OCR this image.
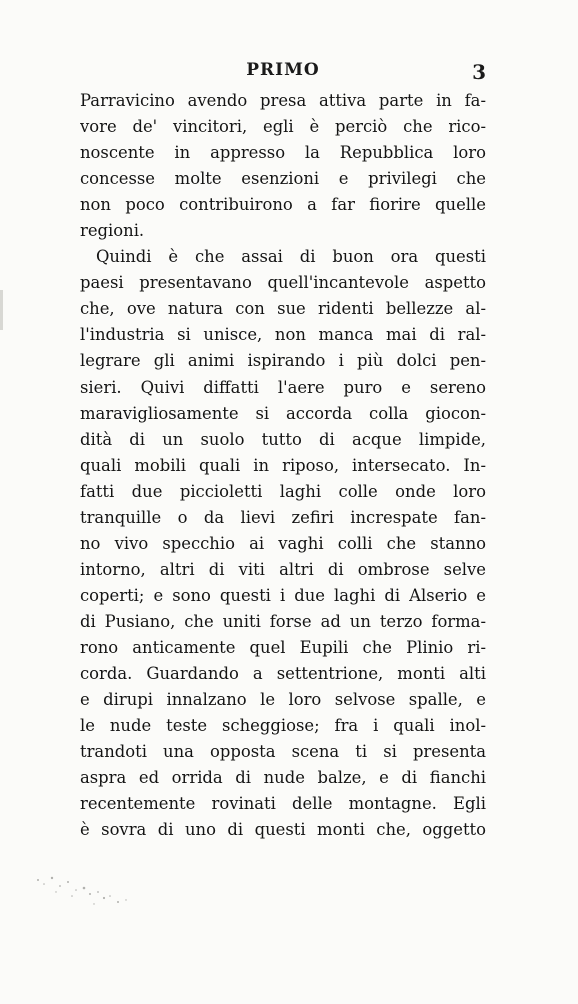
PRIMO	3
Parravicino avendo presa attiva parte in fa-
vore de' vincitori, egli è perciò che rico-
noscente in appresso la Repubblica loro
concesse molte esenzioni e privilegi che
non poco contribuirono a far fiorire quelle
regioni.
Quindi è che assai di buon ora questi
paesi presentavano quell'incantevole aspetto
che, ove natura con sue ridenti bellezze al-
l'industria si unisce, non manca mai di ral-
legrare gli animi ispirando i più dolci pen-
sieri. Quivi diffatti l'aere puro e sereno
maravigliosamente si accorda colla giocon-
dità di un suolo tutto di acque limpide,
quali mobili quali in riposo, intersecato. In-
fatti due piccioletti laghi colle onde loro
tranquille o da lievi zefiri increspate fan-
no vivo specchio ai vaghi colli che stanno
intorno, altri di viti altri di ombrose selve
coperti; e sono questi i due laghi di Alserio e
di Pusiano, che uniti forse ad un terzo forma-
rono anticamente quel Eupili che Plinio ri-
corda. Guardando a settentrione, monti alti
e dirupi innalzano le loro selvose spalle, e
le nude teste scheggiose; fra i quali inol-
trandoti una opposta scena ti si presenta
aspra ed orrida di nude balze, e di fianchi
recentemente rovinati delle montagne. Egli
è sovra di uno di questi monti che, oggetto
